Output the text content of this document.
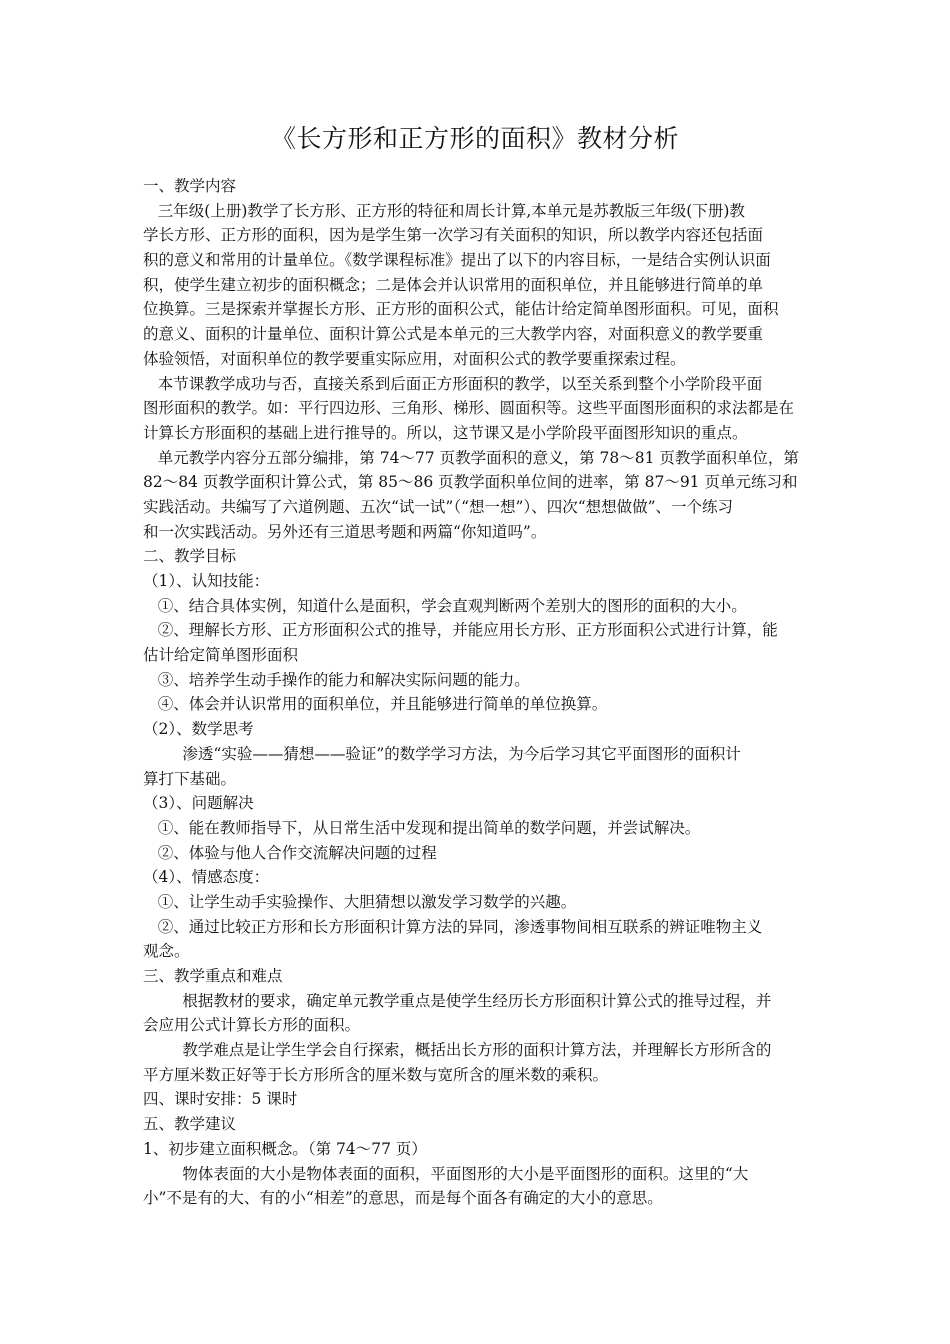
《长方形和正方形的面积》教材分析
一、教学内容
三年级(上册)教学了长方形、正方形的特征和周长计算,本单元是苏教版三年级(下册)教
学长方形、正方形的面积，因为是学生第一次学习有关面积的知识，所以教学内容还包括面
积的意义和常用的计量单位。《数学课程标准》提出了以下的内容目标，一是结合实例认识面
积，使学生建立初步的面积概念；二是体会并认识常用的面积单位，并且能够进行简单的单
位换算。三是探索并掌握长方形、正方形的面积公式，能估计给定简单图形面积。可见，面积
的意义、面积的计量单位、面积计算公式是本单元的三大教学内容，对面积意义的教学要重
体验领悟，对面积单位的教学要重实际应用，对面积公式的教学要重探索过程。
本节课教学成功与否，直接关系到后面正方形面积的教学，以至关系到整个小学阶段平面
图形面积的教学。如：平行四边形、三角形、梯形、圆面积等。这些平面图形面积的求法都是在
计算长方形面积的基础上进行推导的。所以，这节课又是小学阶段平面图形知识的重点。
单元教学内容分五部分编排，第 74～77 页教学面积的意义，第 78～81 页教学面积单位，第
82～84 页教学面积计算公式，第 85～86 页教学面积单位间的进率，第 87～91 页单元练习和
实践活动。共编写了六道例题、五次“试一试”（“想一想”）、四次“想想做做”、一个练习
和一次实践活动。另外还有三道思考题和两篇“你知道吗”。
二、教学目标
（1）、认知技能：
①、结合具体实例，知道什么是面积，学会直观判断两个差别大的图形的面积的大小。
②、理解长方形、正方形面积公式的推导，并能应用长方形、正方形面积公式进行计算，能
估计给定简单图形面积
③、培养学生动手操作的能力和解决实际问题的能力。
④、体会并认识常用的面积单位，并且能够进行简单的单位换算。
（2）、数学思考
渗透“实验——猜想——验证”的数学学习方法，为今后学习其它平面图形的面积计
算打下基础。
（3）、问题解决
①、能在教师指导下，从日常生活中发现和提出简单的数学问题，并尝试解决。
②、体验与他人合作交流解决问题的过程
（4）、情感态度：
①、让学生动手实验操作、大胆猜想以激发学习数学的兴趣。
②、通过比较正方形和长方形面积计算方法的异同，渗透事物间相互联系的辨证唯物主义
观念。
三、教学重点和难点
根据教材的要求，确定单元教学重点是使学生经历长方形面积计算公式的推导过程，并
会应用公式计算长方形的面积。
教学难点是让学生学会自行探索，概括出长方形的面积计算方法，并理解长方形所含的
平方厘米数正好等于长方形所含的厘米数与宽所含的厘米数的乘积。
四、课时安排：5 课时
五、教学建议
1、初步建立面积概念。（第 74～77 页）
物体表面的大小是物体表面的面积，平面图形的大小是平面图形的面积。这里的“大
小”不是有的大、有的小“相差”的意思，而是每个面各有确定的大小的意思。
